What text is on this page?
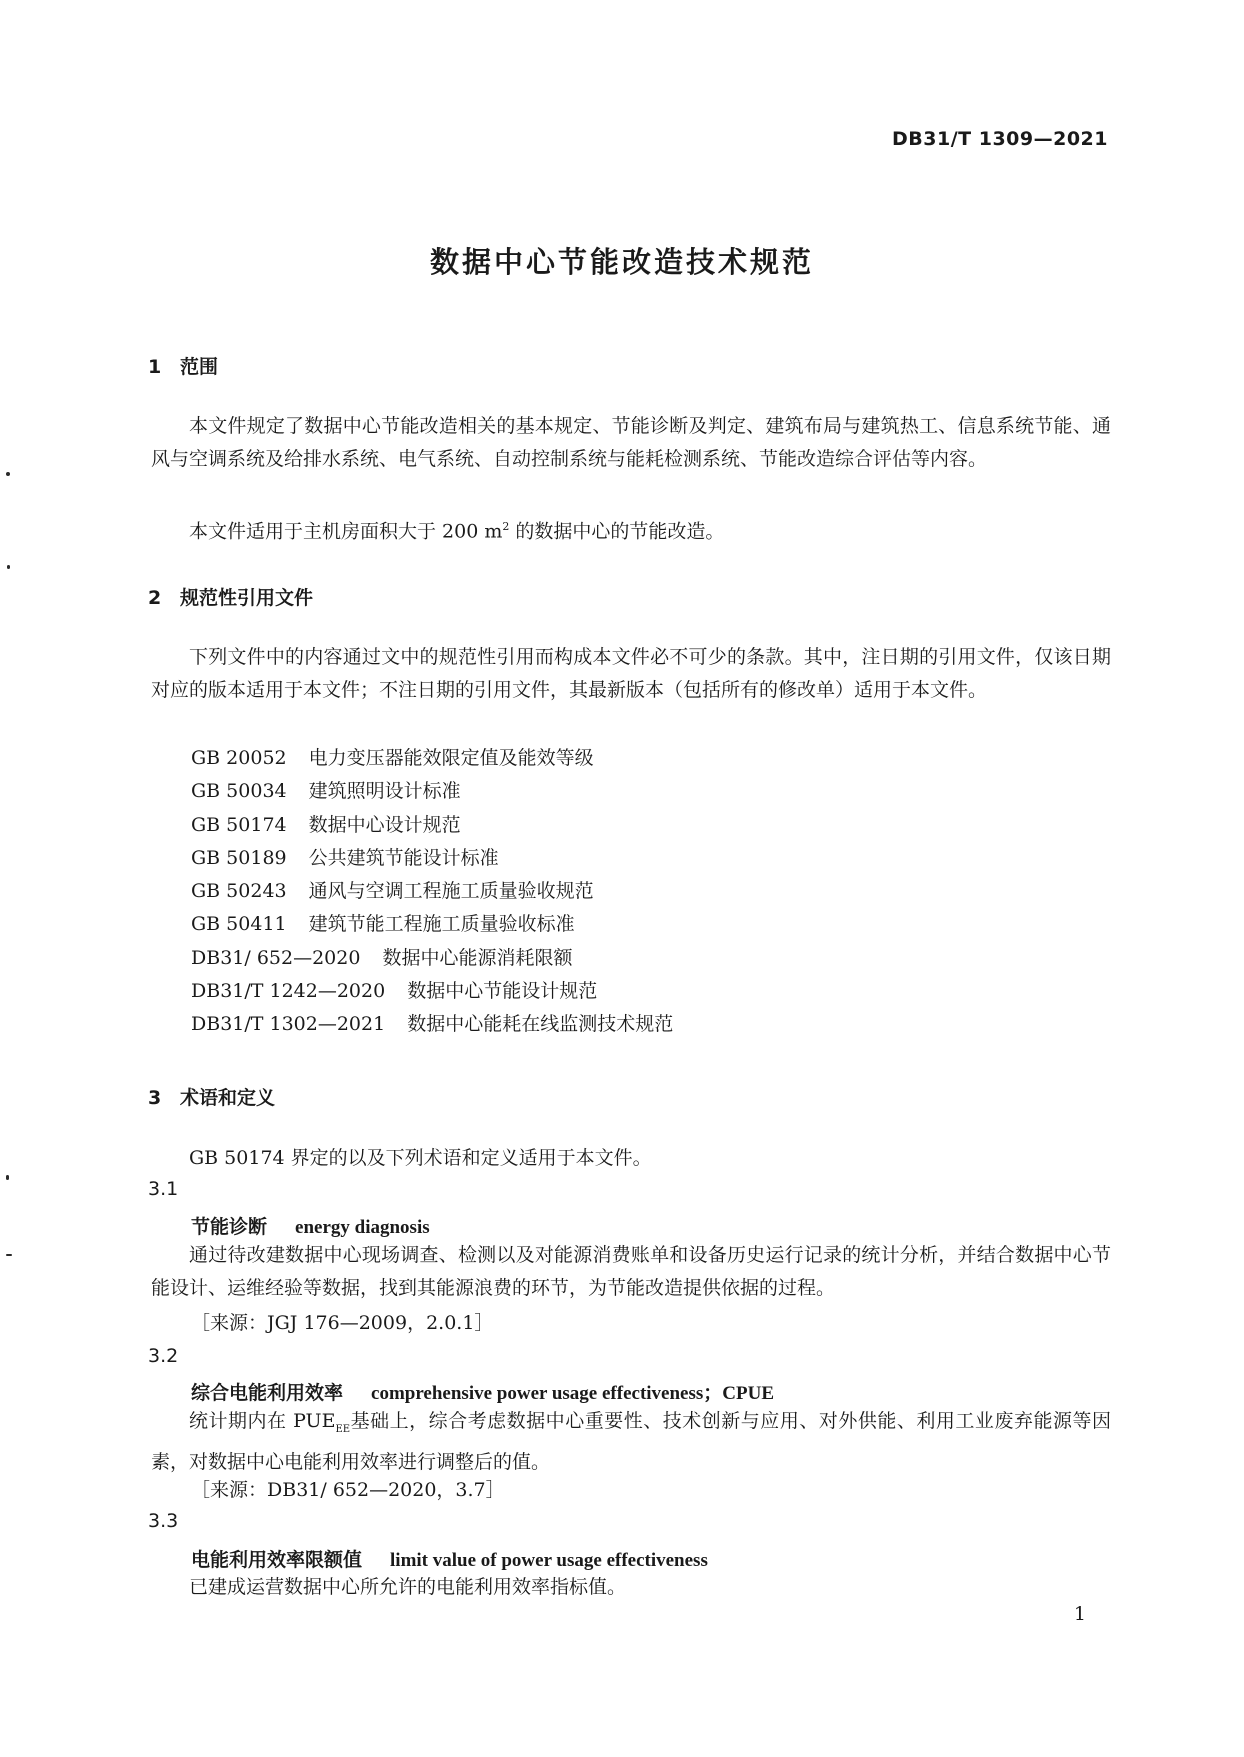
DB31/T 1309—2021
数据中心节能改造技术规范
1 范围
本文件规定了数据中心节能改造相关的基本规定、节能诊断及判定、建筑布局与建筑热工、信息系统节能、通风与空调系统及给排水系统、电气系统、自动控制系统与能耗检测系统、节能改造综合评估等内容。
本文件适用于主机房面积大于 200 $m^2$ 的数据中心的节能改造。
2 规范性引用文件
下列文件中的内容通过文中的规范性引用而构成本文件必不可少的条款。其中，注日期的引用文件，仅该日期对应的版本适用于本文件；不注日期的引用文件，其最新版本（包括所有的修改单）适用于本文件。
GB 20052 电力变压器能效限定值及能效等级
GB 50034 建筑照明设计标准
GB 50174 数据中心设计规范
GB 50189 公共建筑节能设计标准
GB 50243 通风与空调工程施工质量验收规范
GB 50411 建筑节能工程施工质量验收标准
DB31/ 652—2020 数据中心能源消耗限额
DB31/T 1242—2020 数据中心节能设计规范
DB31/T 1302—2021 数据中心能耗在线监测技术规范
3 术语和定义
GB 50174 界定的以及下列术语和定义适用于本文件。
3.1
节能诊断 energy diagnosis
通过待改建数据中心现场调查、检测以及对能源消费账单和设备历史运行记录的统计分析，并结合数据中心节能设计、运维经验等数据，找到其能源浪费的环节，为节能改造提供依据的过程。
［来源：JGJ 176—2009，2.0.1］
3.2
综合电能利用效率 comprehensive power usage effectiveness；CPUE
统计期内在 $PUE_{EE}$基础上，综合考虑数据中心重要性、技术创新与应用、对外供能、利用工业废弃能源等因素，对数据中心电能利用效率进行调整后的值。
［来源：DB31/ 652—2020，3.7］
3.3
电能利用效率限额值 limit value of power usage effectiveness
已建成运营数据中心所允许的电能利用效率指标值。
1
